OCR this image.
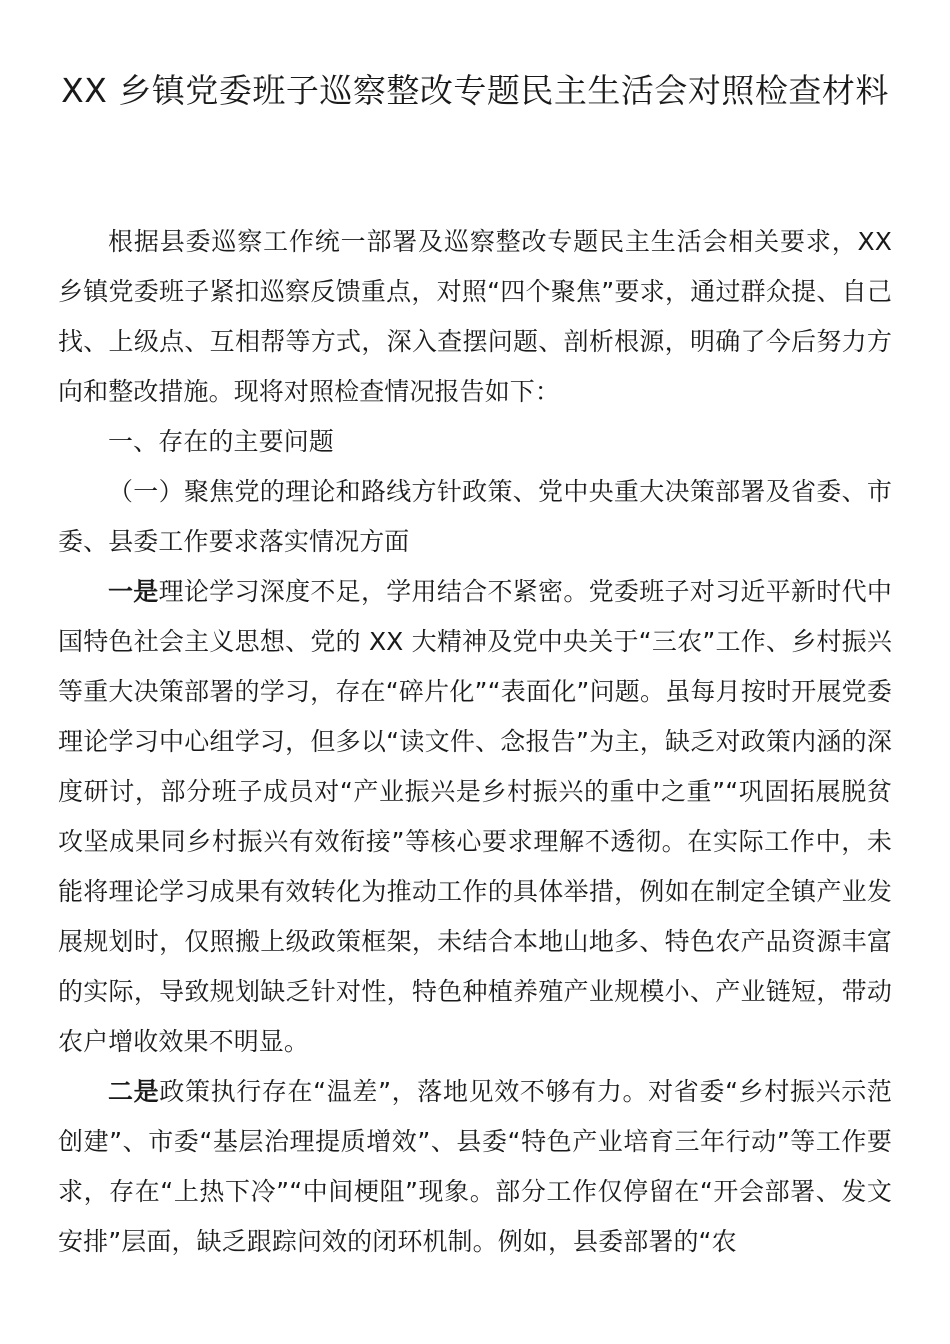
XX 乡镇党委班子巡察整改专题民主生活会对照检查材料

根据县委巡察工作统一部署及巡察整改专题民主生活会相关要求，XX 乡镇党委班子紧扣巡察反馈重点，对照“四个聚焦”要求，通过群众提、自己找、上级点、互相帮等方式，深入查摆问题、剖析根源，明确了今后努力方向和整改措施。现将对照检查情况报告如下：

一、存在的主要问题

（一）聚焦党的理论和路线方针政策、党中央重大决策部署及省委、市委、县委工作要求落实情况方面

一是理论学习深度不足，学用结合不紧密。党委班子对习近平新时代中国特色社会主义思想、党的 XX 大精神及党中央关于“三农”工作、乡村振兴等重大决策部署的学习，存在“碎片化”“表面化”问题。虽每月按时开展党委理论学习中心组学习，但多以“读文件、念报告”为主，缺乏对政策内涵的深度研讨，部分班子成员对“产业振兴是乡村振兴的重中之重”“巩固拓展脱贫攻坚成果同乡村振兴有效衔接”等核心要求理解不透彻。在实际工作中，未能将理论学习成果有效转化为推动工作的具体举措，例如在制定全镇产业发展规划时，仅照搬上级政策框架，未结合本地山地多、特色农产品资源丰富的实际，导致规划缺乏针对性，特色种植养殖产业规模小、产业链短，带动农户增收效果不明显。

二是政策执行存在“温差”，落地见效不够有力。对省委“乡村振兴示范创建”、市委“基层治理提质增效”、县委“特色产业培育三年行动”等工作要求，存在“上热下冷”“中间梗阻”现象。部分工作仅停留在“开会部署、发文安排”层面，缺乏跟踪问效的闭环机制。例如，县委部署的“农
